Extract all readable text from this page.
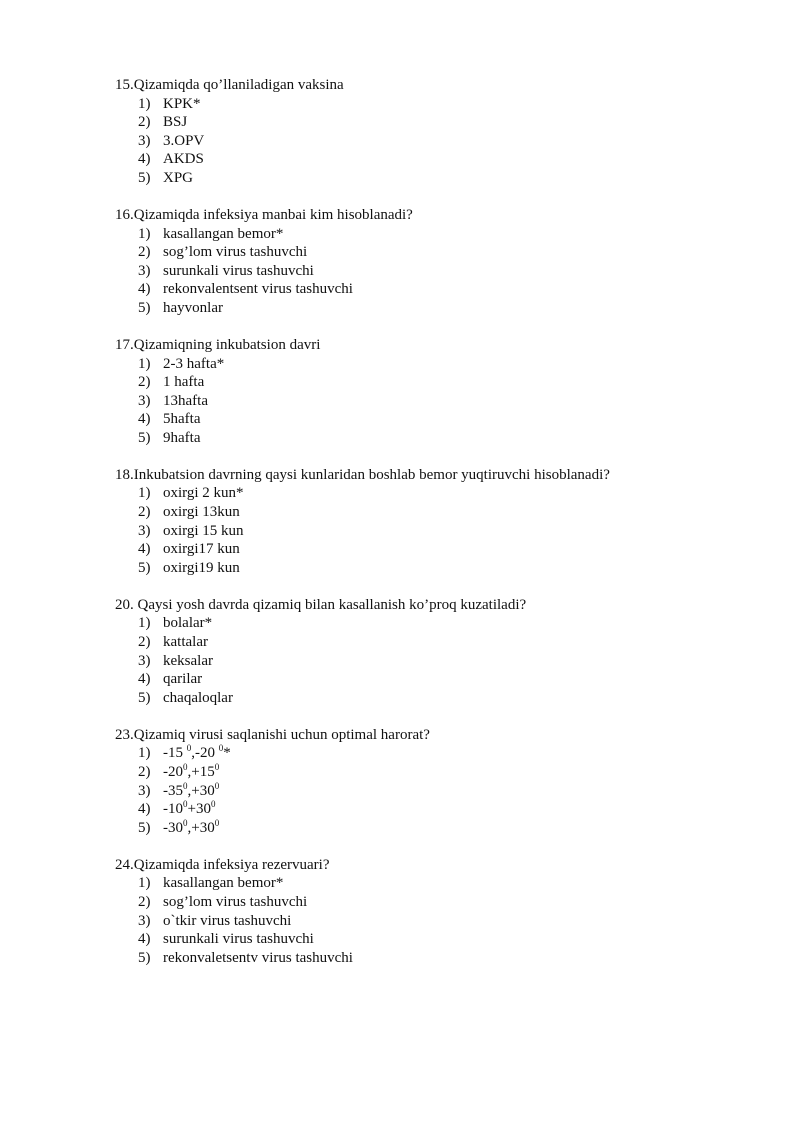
15.Qizamiqda qo’llaniladigan vaksina
1) KPK*
2) BSJ
3) 3.OPV
4) AKDS
5) XPG
16.Qizamiqda infeksiya manbai kim hisoblanadi?
1) kasallangan bemor*
2) sog’lom virus tashuvchi
3) surunkali virus tashuvchi
4) rekonvalentsent virus tashuvchi
5) hayvonlar
17.Qizamiqning inkubatsion davri
1) 2-3 hafta*
2) 1 hafta
3) 13hafta
4) 5hafta
5) 9hafta
18.Inkubatsion davrning qaysi kunlaridan boshlab bemor yuqtiruvchi hisoblanadi?
1) oxirgi 2 kun*
2) oxirgi 13kun
3) oxirgi 15 kun
4) oxirgi17 kun
5) oxirgi19 kun
20. Qaysi yosh davrda qizamiq bilan kasallanish ko’proq kuzatiladi?
1) bolalar*
2) kattalar
3) keksalar
4) qarilar
5) chaqaloqlar
23.Qizamiq virusi saqlanishi uchun optimal harorat?
1) -15 $^0$,-20 $^0$*
2) $-20^0,+15^0$
3) $-35^0,+30^0$
4) $-10^0+30^0$
5) $-30^0,+30^0$
24.Qizamiqda infeksiya rezervuari?
1) kasallangan bemor*
2) sog’lom virus tashuvchi
3) o`tkir virus tashuvchi
4) surunkali virus tashuvchi
5) rekonvaletsentv virus tashuvchi
